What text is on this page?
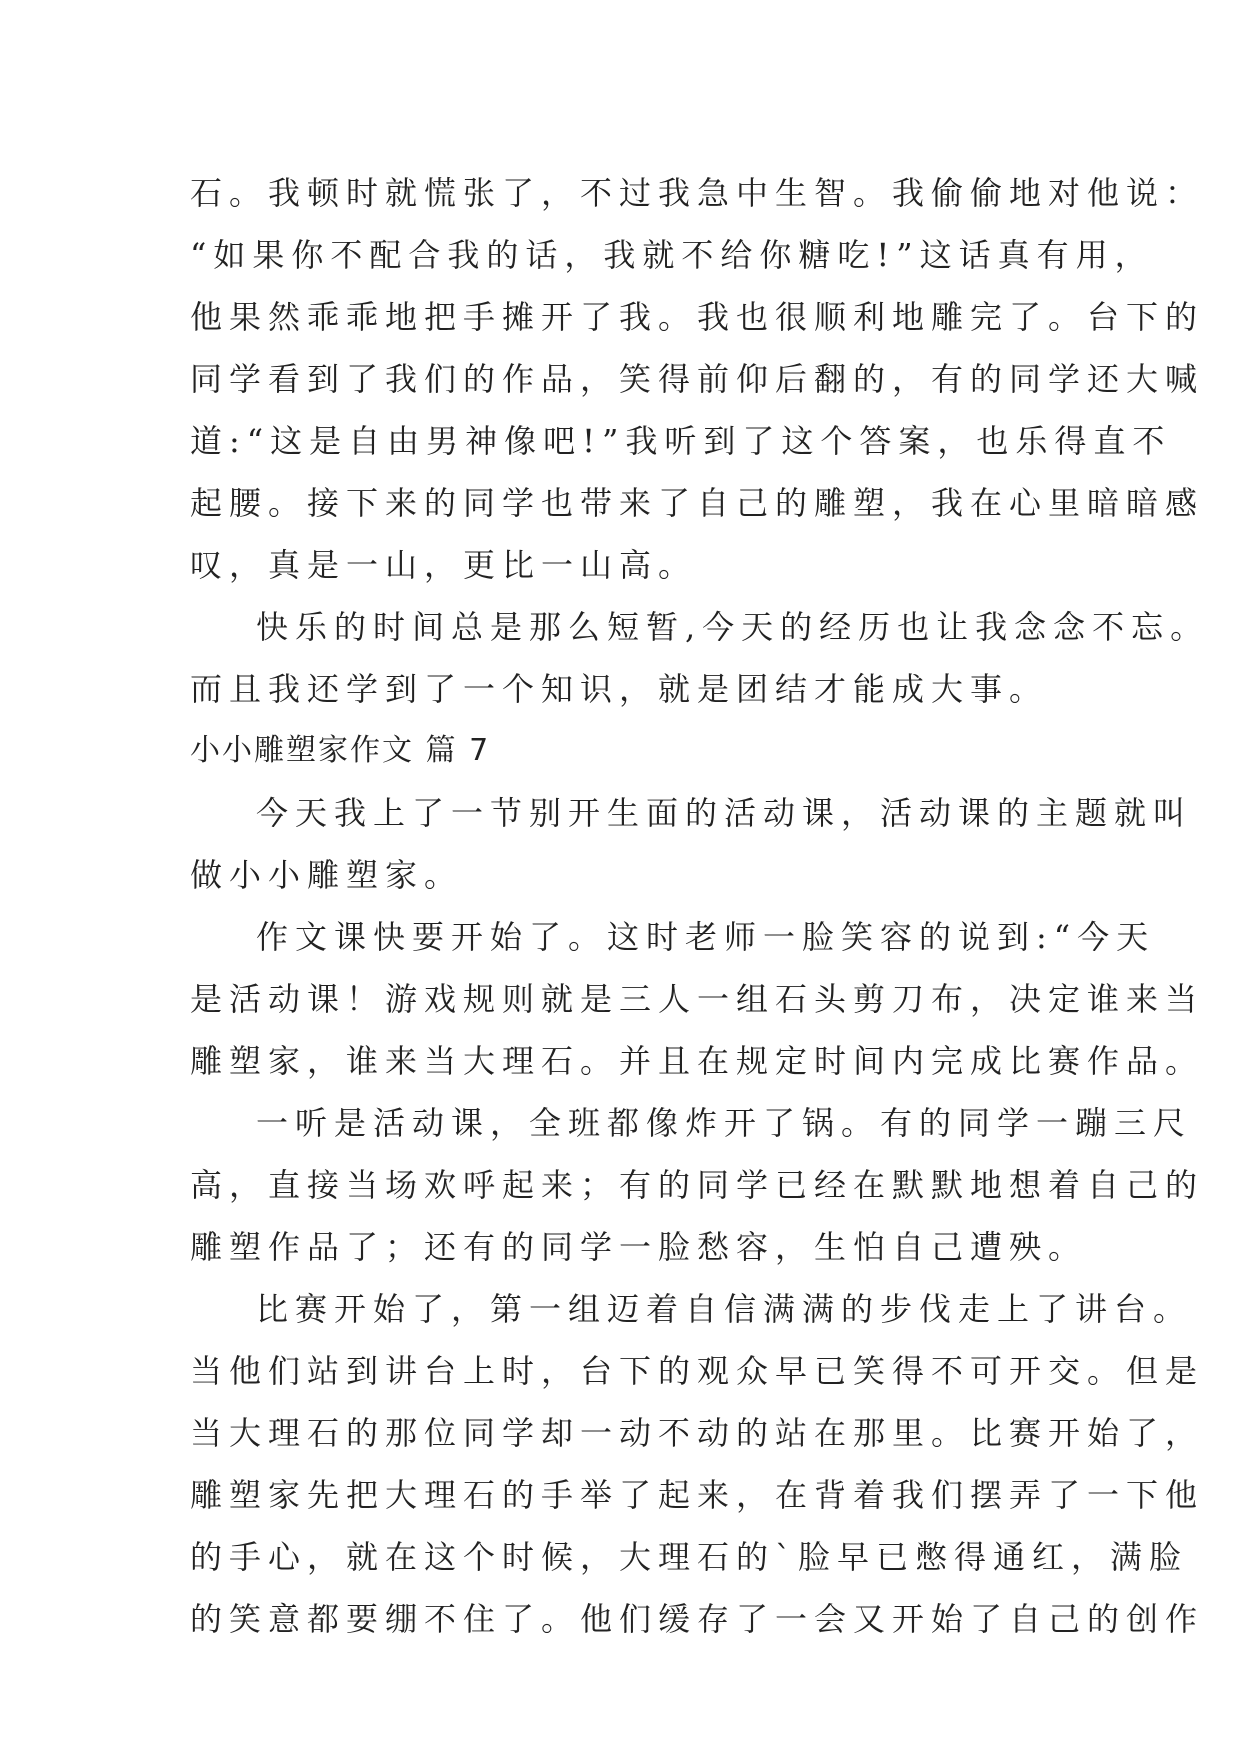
石。我顿时就慌张了，不过我急中生智。我偷偷地对他说：
“如果你不配合我的话，我就不给你糖吃!”这话真有用，
他果然乖乖地把手摊开了我。我也很顺利地雕完了。台下的
同学看到了我们的作品，笑得前仰后翻的，有的同学还大喊
道:“这是自由男神像吧!”我听到了这个答案，也乐得直不
起腰。接下来的同学也带来了自己的雕塑，我在心里暗暗感
叹，真是一山，更比一山高。
快乐的时间总是那么短暂,今天的经历也让我念念不忘。
而且我还学到了一个知识，就是团结才能成大事。
小小雕塑家作文 篇 7
今天我上了一节别开生面的活动课，活动课的主题就叫
做小小雕塑家。
作文课快要开始了。这时老师一脸笑容的说到:“今天
是活动课！游戏规则就是三人一组石头剪刀布，决定谁来当
雕塑家，谁来当大理石。并且在规定时间内完成比赛作品。
一听是活动课，全班都像炸开了锅。有的同学一蹦三尺
高，直接当场欢呼起来；有的同学已经在默默地想着自己的
雕塑作品了；还有的同学一脸愁容，生怕自己遭殃。
比赛开始了，第一组迈着自信满满的步伐走上了讲台。
当他们站到讲台上时，台下的观众早已笑得不可开交。但是
当大理石的那位同学却一动不动的站在那里。比赛开始了，
雕塑家先把大理石的手举了起来，在背着我们摆弄了一下他
的手心，就在这个时候，大理石的`脸早已憋得通红，满脸
的笑意都要绷不住了。他们缓存了一会又开始了自己的创作
